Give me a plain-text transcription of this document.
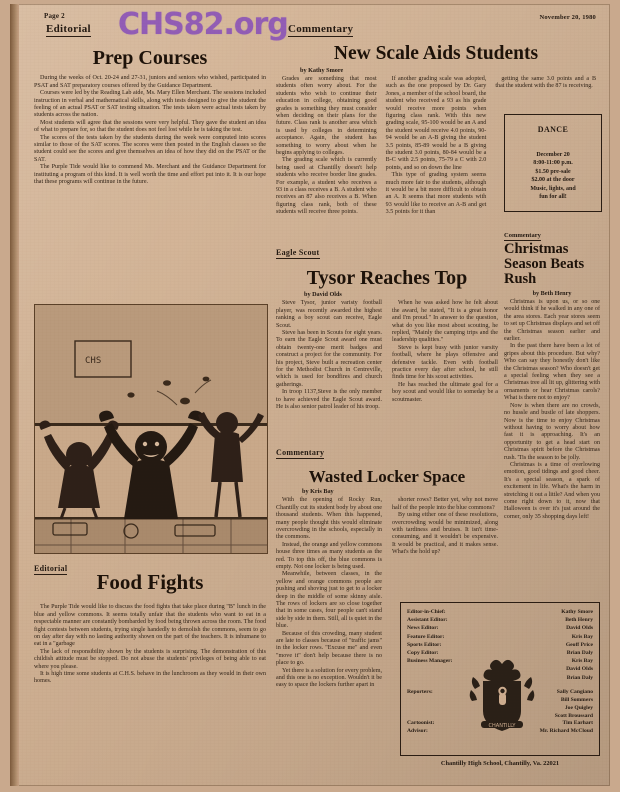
Page 2
Editorial	Commentary
November 20, 1980
CHS82.org
Prep Courses

During the weeks of Oct. 20-24 and 27-31, juniors and seniors who wished, participated in PSAT and SAT preparatory courses offered by the Guidance Department.

Courses were led by the Reading Lab aide, Ms. Mary Ellen Merchant. The sessions included instruction in verbal and mathematical skills, along with tests designed to give the student the feeling of an actual PSAT or SAT testing situation. The tests taken were actual tests taken by students across the nation.

Most students will agree that the sessions were very helpful. They gave the student an idea of what to prepare for, so that the student does not feel lost while he is taking the test.

The scores of the tests taken by the students during the week were computed into scores similar to those of the SAT scores. The scores were then posted in the English classes so the student could see the scores and give themselves an idea of how they did on the PSAT or the SAT.

The Purple Tide would like to commend Ms. Merchant and the Guidance Department for instituting a program of this kind. It is well worth the time and effort put into it. It is our hope that these programs will continue in the future.

New Scale Aids Students
by Kathy Smore

Grades are something that most students often worry about. For the students who wish to continue their education in college, obtaining good grades is something they must consider when deciding on their plans for the future. Class rank is another area which is used by colleges in determining acceptance. Again, the student has something to worry about when he begins applying to colleges.

The grading scale which is currently being used at Chantilly doesn't help students who receive border line grades. For example, a student who receives a 93 in a class receives a B. A student who receives an 87 also receives a B. When figuring class rank, both of these students will receive three points.

If another grading scale was adopted, such as the one proposed by Dr. Gary Jones, a member of the school board, the student who received a 93 as his grade would receive more points when figuring class rank. With this new grading scale, 95-100 would be an A and the student would receive 4.0 points, 90-94 would be an A-B giving the student 3.5 points, 85-89 would be a B giving the student 3.0 points, 80-84 would be a B-C with 2.5 points, 75-79 a C with 2.0 points, and so on down the line

This type of grading system seems much more fair to the students, although it would be a bit more difficult to obtain an A. It seems that more students with 93 would like to receive an A-B and get 3.5 points for it than

getting the same 3.0 points and a B that the student with the 87 is receiving.

DANCE
December 20
8:00-11:00 p.m.
$1.50 pre-sale
$2.00 at the door
Music, lights, and
fun for all!
Commentary
Christmas Season Beats Rush
by Beth Henry

Christmas is upon us, or so one would think if he walked in any one of the area stores. Each year stores seem to set up Christmas displays and set off the Christmas season earlier and earlier.

In the past there have been a lot of gripes about this procedure. But why? Who can say they honestly don't like the Christmas season? Who doesn't get a special feeling when they see a Christmas tree all lit up, glittering with ornaments or hear Christmas carols? What is there not to enjoy?

Now is when there are no crowds, no hussle and bustle of late shoppers. Now is the time to enjoy Christmas without having to worry about how fast it is approaching. It's an opportunity to get a head start on Christmas spirit before the Christmas rush. 'Tis the season to be jolly.

Christmas is a time of overlowing emotion, good tidings and good cheer. It's a special season, a spark of excitement in life. What's the harm in stretching it out a little? And when you come right down to it, now that Halloween is over it's just around the corner, only 35 shopping days left!

Eagle Scout
Tysor Reaches Top
by David Olds

Steve Tysor, junior varisty football player, was recently awarded the highest ranking a boy scout can receive, Eagle Scout.

Steve has been in Scouts for eight years. To earn the Eagle Scout award one must obtain twenty-one merit badges and construct a project for the community. For his project, Steve built a recreation center for the Methodist Church in Centreville, which is used for bondfires and church gatherings.

In troop 1137,Steve is the only member to have achieved the Eagle Scout award. He is also senior patrol leader of his troop.

When he was asked how he felt about the award, he stated, "It is a great honor and I'm proud." In answer to the question, what do you like most about scouting, he replied, "Mainly the camping trips and the leadership qualities."

Steve is kept busy with junior varsity football, where he plays offensive and defensive tackle. Even with football practice every day after school, he still finds time for his scout activities.

He has reached the ultimate goal for a boy scout and would like to someday be a scoutmaster.

Commentary
Wasted Locker Space
by Kris Bay

With the opening of Rocky Run, Chantilly cut its student body by about one thousand students. When this happened, many people thought this would eliminate overcrowding in the schools, especially in the commons.

Instead, the orange and yellow commons house three times as many students as the red. To top this off, the blue commons is empty. Not one locker is being used.

Meanwhile, between classes, in the yellow and orange commons people are pushing and shoving just to get to a locker deep in the middle of some skinny aisle. The rows of lockers are so close together that in some cases, four people can't stand side by side in them. Still, all is quiet in the blue.

Because of this crowding, many student are late to classes because of "traffic jams" in the locker rows. "Excuse me" and even "move it" don't help because there is no place to go.

Yet there is a solution for every problem, and this one is no exception. Wouldn't it be easy to space the lockers further apart in

shorter rows? Better yet, why not move half of the people into the blue commons?

By using either one of these resolutions, overcrowding would be minimized, along with tardiness and bruises. It isn't time-consuming, and it wouldn't be expensive. It would be practical, and it makes sense. What's the hold up?

CHS
Editorial
Food Fights

The Purple Tide would like to discuss the food fights that take place during "B" lunch in the blue and yellow commons. It seems totally unfair that the students who want to eat in a respectable manner are constantly bombarded by food being thrown across the room. The food fight contests between students, trying single handedly to demolish the commons, seem to go on day after day with no lasting authority shown on the part of the teachers. It is inhumane to eat in a "garbage

The lack of responsibility shown by the students is surprising. The demonstration of this childish attitude must be stopped. Do not abuse the students' privileges of being able to eat where you please.

It is high time some students at C.H.S. behave in the lunchroom as they would in their own homes.

Editor-in-Chief:	Kathy Smore
Assistant Editor:	Beth Henry
News Editor:	David Olds
Feature Editor:	Kris Bay
Sports Editor:	Geoff Price
Copy Editor:	Brian Daly
Business Manager:	Kris Bay
David Olds
Brian Daly
Reporters:	Sally Cangiano
Bill Sommers
Joe Quigley
Scott Broussard
CHANTILLY
Cartoonist:	Tim Earhart
Advisor:	Mr. Richard McCloud
Chantilly High School, Chantilly, Va. 22021
